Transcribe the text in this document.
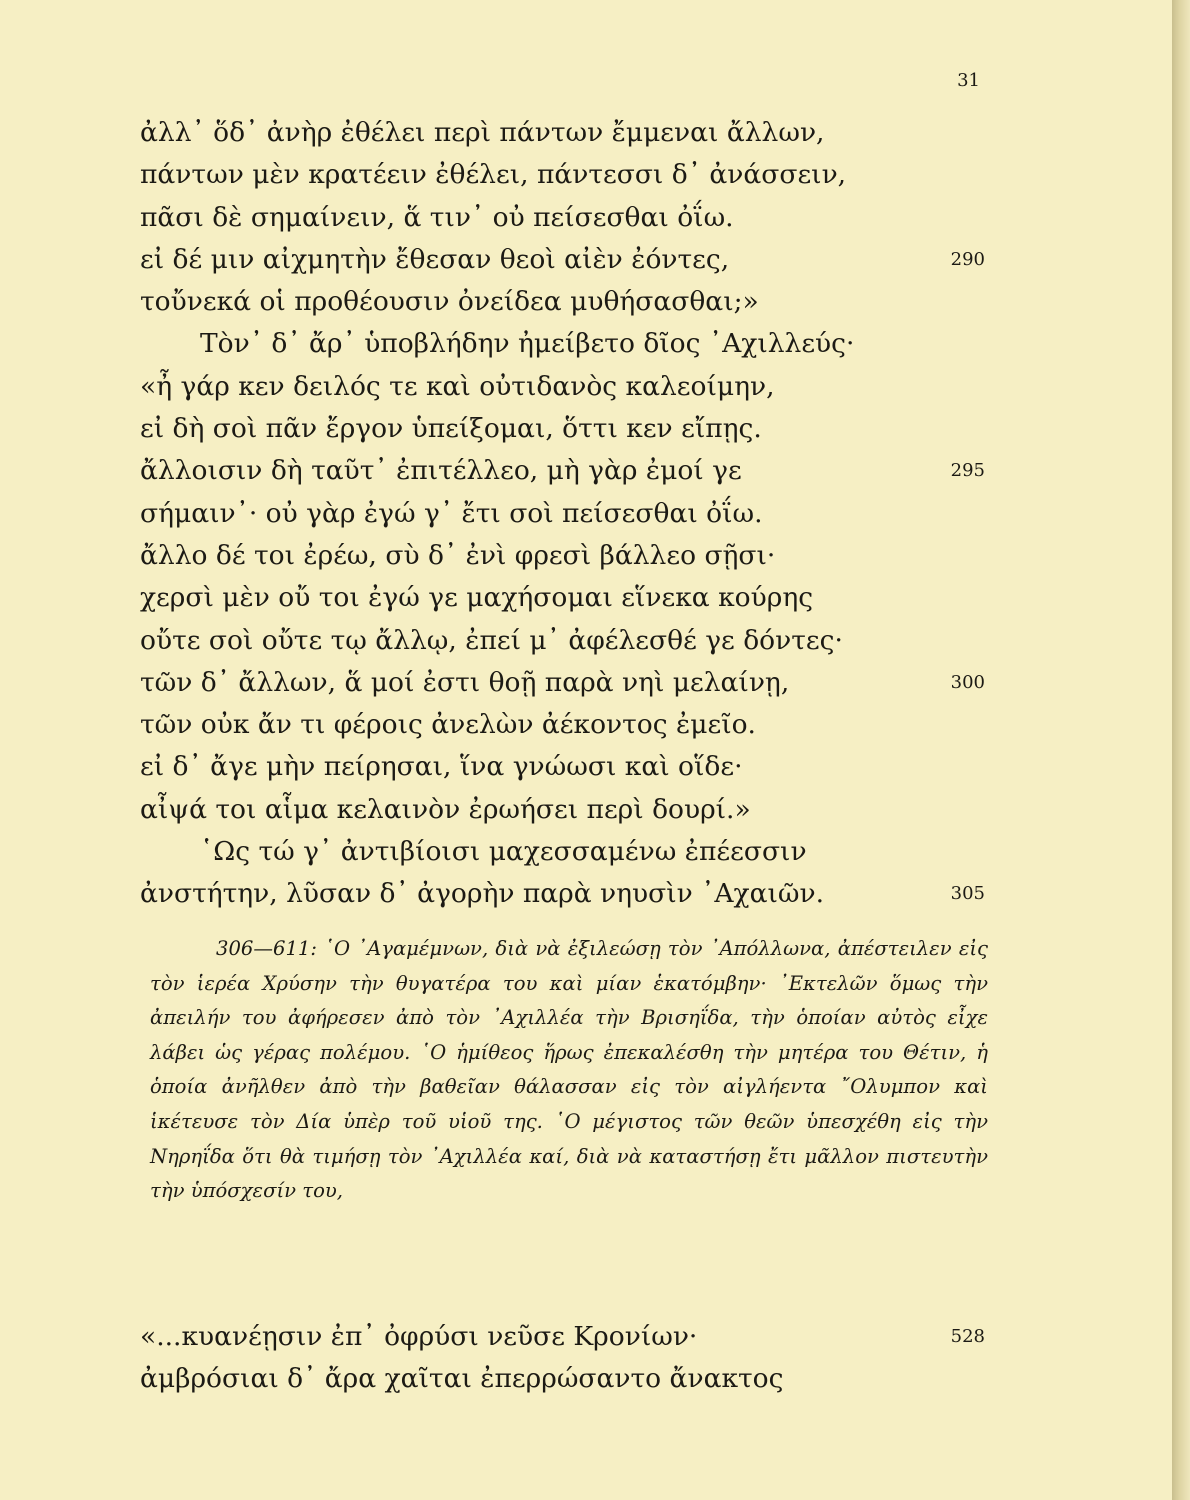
31
ἀλλ᾽ ὅδ᾽ ἀνὴρ ἐθέλει περὶ πάντων ἔμμεναι ἄλλων,
πάντων μὲν κρατέειν ἐθέλει, πάντεσσι δ᾽ ἀνάσσειν,
πᾶσι δὲ σημαίνειν, ἅ τιν᾽ οὐ πείσεσθαι ὀΐω.
εἰ δέ μιν αἰχμητὴν ἔθεσαν θεοὶ αἰὲν ἐόντες,	290
τοὔνεκά οἱ προθέουσιν ὀνείδεα μυθήσασθαι;»
Τὸν᾽ δ᾽ ἄρ᾽ ὑποβλήδην ἠμείβετο δῖος ᾿Αχιλλεύς·
«ἦ γάρ κεν δειλός τε καὶ οὐτιδανὸς καλεοίμην,
εἰ δὴ σοὶ πᾶν ἔργον ὑπείξομαι, ὅττι κεν εἴπῃς.
ἄλλοισιν δὴ ταῦτ᾽ ἐπιτέλλεο, μὴ γὰρ ἐμοί γε	295
σήμαιν᾽· οὐ γὰρ ἐγώ γ᾽ ἔτι σοὶ πείσεσθαι ὀΐω.
ἄλλο δέ τοι ἐρέω, σὺ δ᾽ ἐνὶ φρεσὶ βάλλεο σῇσι·
χερσὶ μὲν οὔ τοι ἐγώ γε μαχήσομαι εἵνεκα κούρης
οὔτε σοὶ οὔτε τῳ ἄλλῳ, ἐπεί μ᾽ ἀφέλεσθέ γε δόντες·
τῶν δ᾽ ἄλλων, ἅ μοί ἐστι θοῇ παρὰ νηὶ μελαίνῃ,	300
τῶν οὐκ ἄν τι φέροις ἀνελὼν ἀέκοντος ἐμεῖο.
εἰ δ᾽ ἄγε μὴν πείρησαι, ἵνα γνώωσι καὶ οἵδε·
αἶψά τοι αἷμα κελαινὸν ἐρωήσει περὶ δουρί.»
῾Ως τώ γ᾽ ἀντιβίοισι μαχεσσαμένω ἐπέεσσιν
ἀνστήτην, λῦσαν δ᾽ ἀγορὴν παρὰ νηυσὶν ᾿Αχαιῶν.	305
306—611: ῾Ο ᾿Αγαμέμνων, διὰ νὰ ἐξιλεώσῃ τὸν ᾿Απόλλωνα, ἀπέστειλεν εἰς τὸν ἱερέα Χρύσην τὴν θυγατέρα του καὶ μίαν ἑκατόμβην· ᾿Εκτελῶν ὅμως τὴν ἀπειλήν του ἀφήρεσεν ἀπὸ τὸν ᾿Αχιλλέα τὴν Βρισηΐδα, τὴν ὁποίαν αὐτὸς εἶχε λάβει ὡς γέρας πολέμου. ῾Ο ἡμίθεος ἥρως ἐπεκαλέσθη τὴν μητέρα του Θέτιν, ἡ ὁποία ἀνῆλθεν ἀπὸ τὴν βαθεῖαν θάλασσαν εἰς τὸν αἰγλήεντα ῎Ολυμπον καὶ ἱκέτευσε τὸν Δία ὑπὲρ τοῦ υἱοῦ της. ῾Ο μέγιστος τῶν θεῶν ὑπεσχέθη εἰς τὴν Νηρηΐδα ὅτι θὰ τιμήσῃ τὸν ᾿Αχιλλέα καί, διὰ νὰ καταστήσῃ ἔτι μᾶλλον πιστευτὴν τὴν ὑπόσχεσίν του,
«...κυανέῃσιν ἐπ᾽ ὀφρύσι νεῦσε Κρονίων·	528
ἀμβρόσιαι δ᾽ ἄρα χαῖται ἐπερρώσαντο ἄνακτος
